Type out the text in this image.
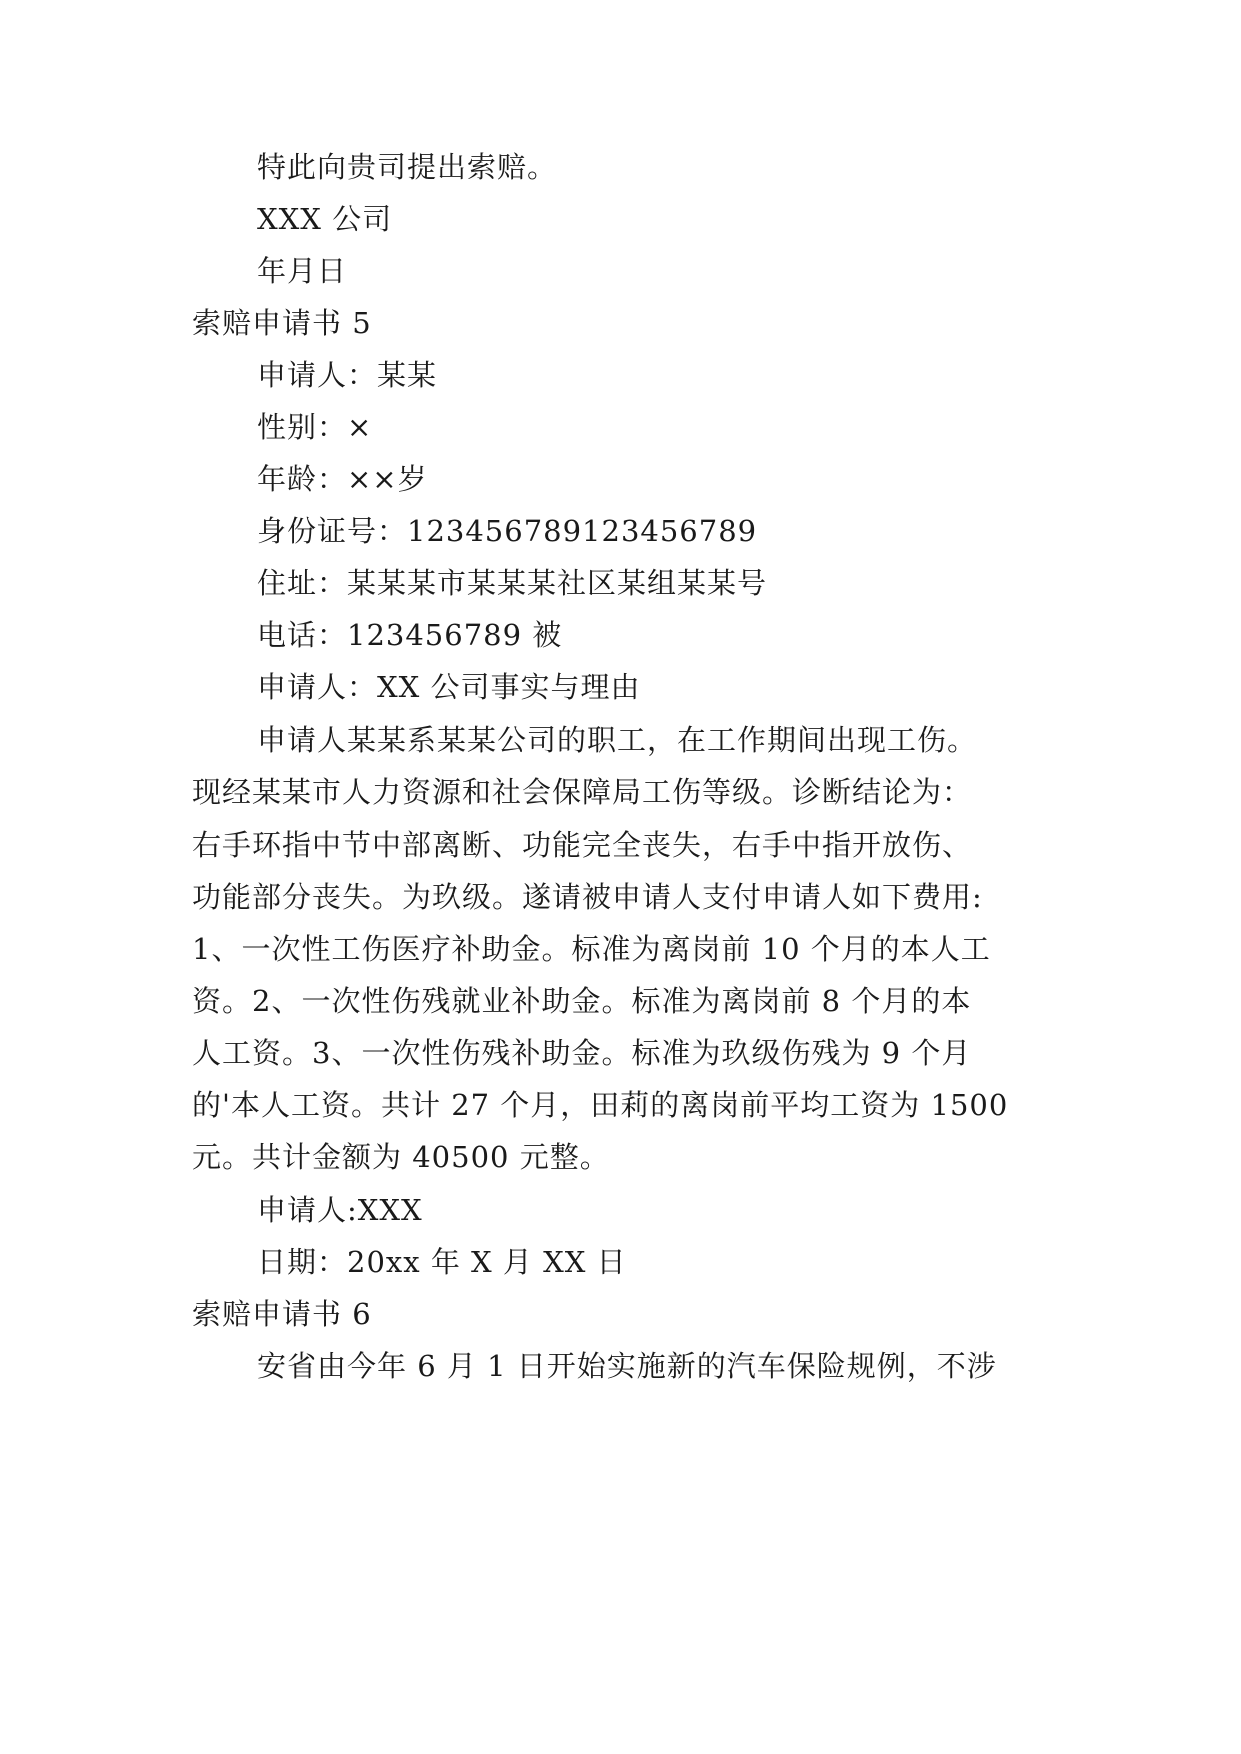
特此向贵司提出索赔。
XXX 公司
年月日
索赔申请书 5
申请人：某某
性别：×
年龄：××岁
身份证号：123456789123456789
住址：某某某市某某某社区某组某某号
电话：123456789 被
申请人：XX 公司事实与理由
申请人某某系某某公司的职工，在工作期间出现工伤。
现经某某市人力资源和社会保障局工伤等级。诊断结论为：
右手环指中节中部离断、功能完全丧失，右手中指开放伤、
功能部分丧失。为玖级。遂请被申请人支付申请人如下费用:
1、一次性工伤医疗补助金。标准为离岗前 10 个月的本人工
资。2、一次性伤残就业补助金。标准为离岗前 8 个月的本
人工资。3、一次性伤残补助金。标准为玖级伤残为 9 个月
的'本人工资。共计 27 个月，田莉的离岗前平均工资为 1500
元。共计金额为 40500 元整。
申请人:XXX
日期：20xx 年 X 月 XX 日
索赔申请书 6
安省由今年 6 月 1 日开始实施新的汽车保险规例，不涉
